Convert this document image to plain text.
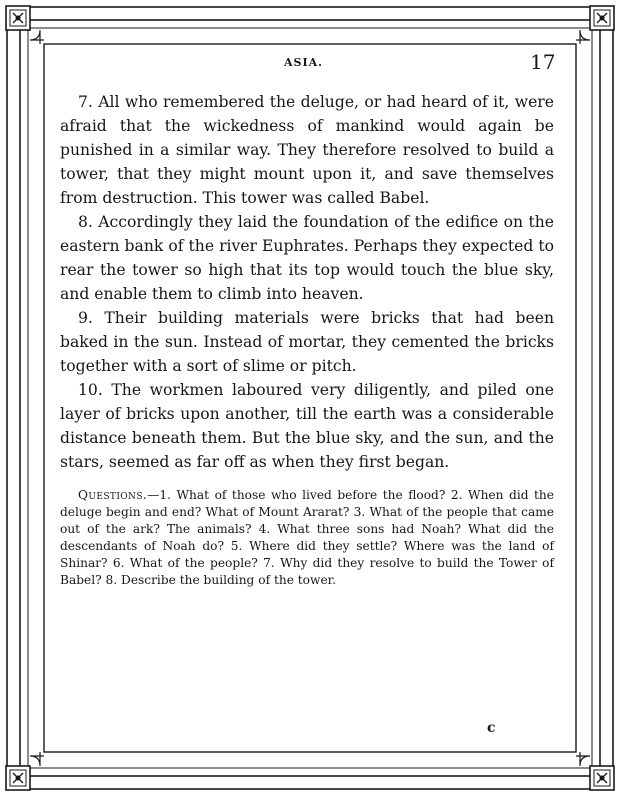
ASIA.	17

7. All who remembered the deluge, or had heard of it, were afraid that the wickedness of mankind would again be punished in a similar way. They therefore resolved to build a tower, that they might mount upon it, and save themselves from destruction. This tower was called Babel.

8. Accordingly they laid the foundation of the edifice on the eastern bank of the river Euphrates. Perhaps they expected to rear the tower so high that its top would touch the blue sky, and enable them to climb into heaven.

9. Their building materials were bricks that had been baked in the sun. Instead of mortar, they cemented the bricks together with a sort of slime or pitch.

10. The workmen laboured very diligently, and piled one layer of bricks upon another, till the earth was a considerable distance beneath them. But the blue sky, and the sun, and the stars, seemed as far off as when they first began.

Questions.—1. What of those who lived before the flood? 2. When did the deluge begin and end? What of Mount Ararat? 3. What of the people that came out of the ark? The animals? 4. What three sons had Noah? What did the descendants of Noah do? 5. Where did they settle? Where was the land of Shinar? 6. What of the people? 7. Why did they resolve to build the Tower of Babel? 8. Describe the building of the tower.

c
